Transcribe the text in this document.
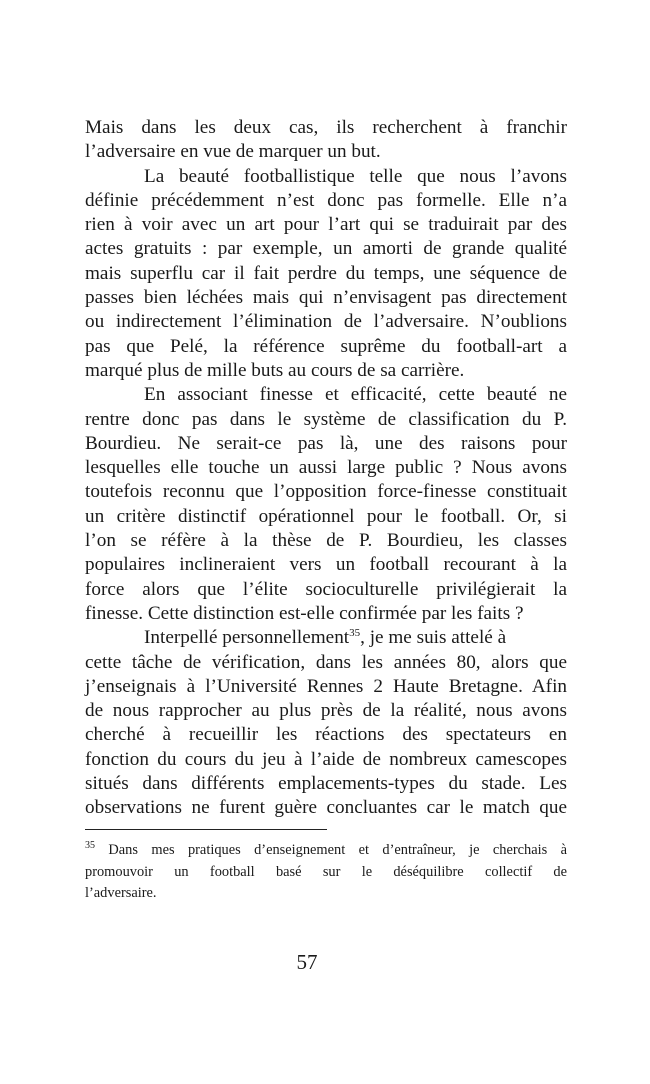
Mais dans les deux cas, ils recherchent à franchir
l’adversaire en vue de marquer un but.
La beauté footballistique telle que nous l’avons
définie précédemment n’est donc pas formelle. Elle n’a
rien à voir avec un art pour l’art qui se traduirait par des
actes gratuits : par exemple, un amorti de grande qualité
mais superflu car il fait perdre du temps, une séquence de
passes bien léchées mais qui n’envisagent pas directement
ou indirectement l’élimination de l’adversaire. N’oublions
pas que Pelé, la référence suprême du football-art a
marqué plus de mille buts au cours de sa carrière.
En associant finesse et efficacité, cette beauté ne
rentre donc pas dans le système de classification du P.
Bourdieu. Ne serait-ce pas là, une des raisons pour
lesquelles elle touche un aussi large public ? Nous avons
toutefois reconnu que l’opposition force-finesse constituait
un critère distinctif opérationnel pour le football. Or, si
l’on se réfère à la thèse de P. Bourdieu, les classes
populaires inclineraient vers un football recourant à la
force alors que l’élite socioculturelle privilégierait la
finesse. Cette distinction est-elle confirmée par les faits ?
Interpellé personnellement$^{35}$, je me suis attelé à
cette tâche de vérification, dans les années 80, alors que
j’enseignais à l’Université Rennes 2 Haute Bretagne. Afin
de nous rapprocher au plus près de la réalité, nous avons
cherché à recueillir les réactions des spectateurs en
fonction du cours du jeu à l’aide de nombreux camescopes
situés dans différents emplacements-types du stade. Les
observations ne furent guère concluantes car le match que
$^{35}$ Dans mes pratiques d’enseignement et d’entraîneur, je cherchais à
promouvoir un football basé sur le déséquilibre collectif de
l’adversaire.
57
